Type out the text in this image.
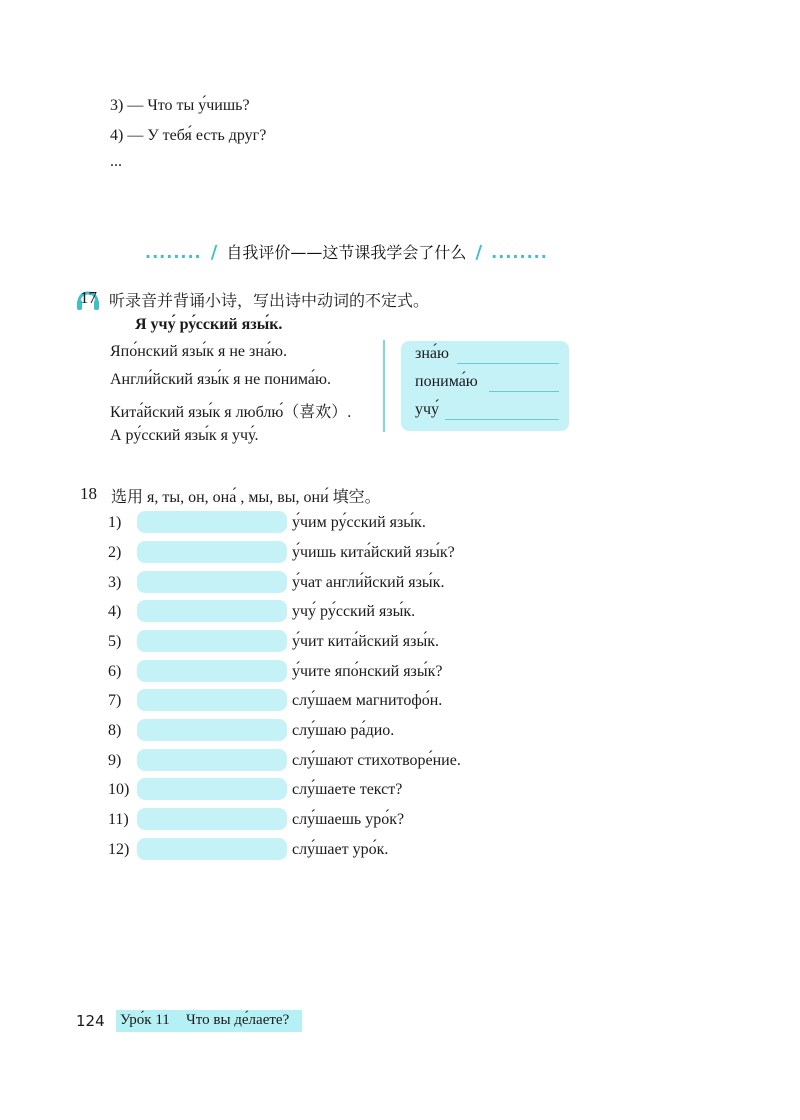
3) — Что ты у́чишь?
4) — У тебя́ есть друг?
...
........ / 自我评价——这节课我学会了什么 / ........
17 听录音并背诵小诗，写出诗中动词的不定式。
Я учу́ ру́сский язы́к.
Япо́нский язы́к я не зна́ю.
Англи́йский язы́к я не понима́ю.
Кита́йский язы́к я люблю́（喜欢）.
А ру́сский язы́к я учу́.
зна́ю
понима́ю
учу́
18 选用 я, ты, он, она́ , мы, вы, они́ 填空。
1)	у́чим ру́сский язы́к.
2)	у́чишь кита́йский язы́к?
3)	у́чат англи́йский язы́к.
4)	учу́ ру́сский язы́к.
5)	у́чит кита́йский язы́к.
6)	у́чите япо́нский язы́к?
7)	слу́шаем магнитофо́н.
8)	слу́шаю ра́дио.
9)	слу́шают стихотворе́ние.
10)	слу́шаете текст?
11)	слу́шаешь уро́к?
12)	слу́шает уро́к.
124 Уро́к 11 Что вы де́лаете?
